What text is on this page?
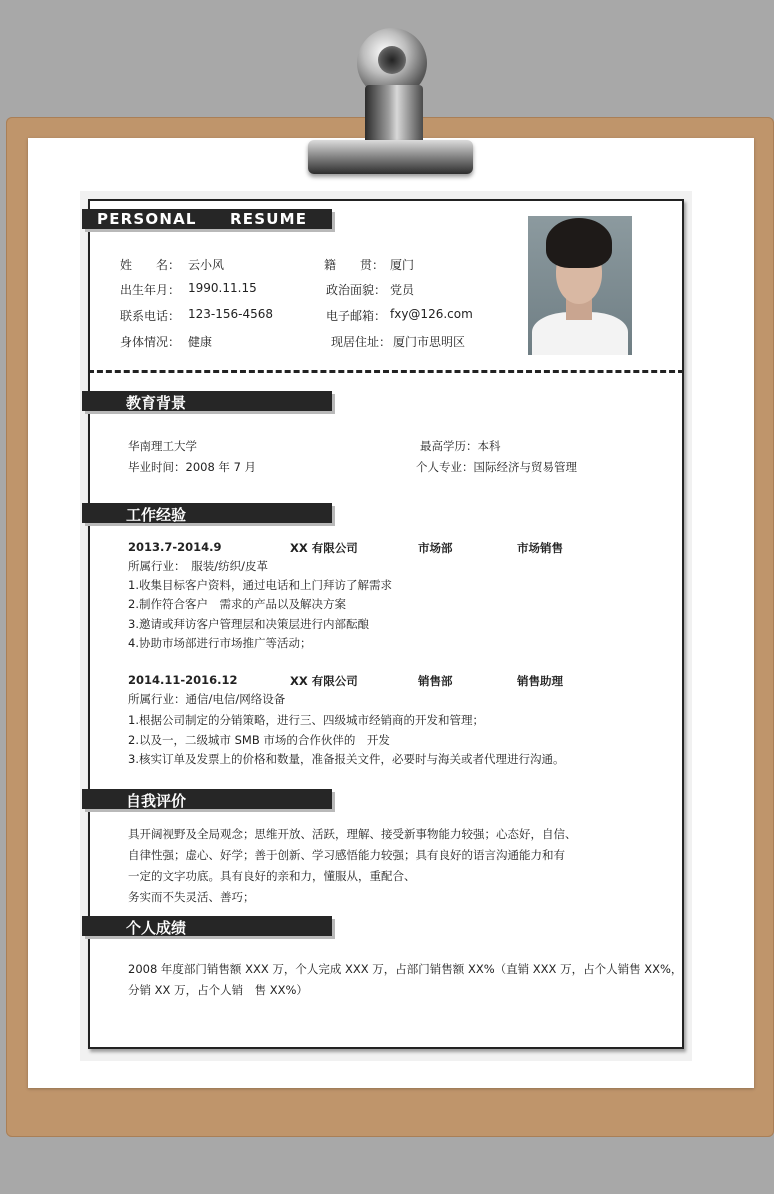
PERSONAL RESUME
姓　　名： 云小风	籍　　贯： 厦门
出生年月： 1990.11.15	政治面貌： 党员
联系电话： 123-156-4568	电子邮箱： fxy@126.com
身体情况： 健康	现居住址： 厦门市思明区
教育背景
华南理工大学	最高学历：本科
毕业时间：2008 年 7 月	个人专业：国际经济与贸易管理
工作经验
2013.7-2014.9	XX 有限公司	市场部	市场销售
所属行业：　服装/纺织/皮革
1.收集目标客户资料，通过电话和上门拜访了解需求
2.制作符合客户　需求的产品以及解决方案
3.邀请或拜访客户管理层和决策层进行内部酝酿
4.协助市场部进行市场推广等活动；
2014.11-2016.12	XX 有限公司	销售部	销售助理
所属行业：通信/电信/网络设备
1.根据公司制定的分销策略，进行三、四级城市经销商的开发和管理；
2.以及一，二级城市 SMB 市场的合作伙伴的　开发
3.核实订单及发票上的价格和数量，准备报关文件，必要时与海关或者代理进行沟通。
自我评价
具开阔视野及全局观念；思维开放、活跃，理解、接受新事物能力较强；心态好，自信、
自律性强；虚心、好学；善于创新、学习感悟能力较强；具有良好的语言沟通能力和有
一定的文字功底。具有良好的亲和力，懂服从，重配合、
务实而不失灵活、善巧；
个人成绩
2008 年度部门销售额 XXX 万，个人完成 XXX 万，占部门销售额 XX%（直销 XXX 万，占个人销售 XX%，
分销 XX 万，占个人销　售 XX%）
